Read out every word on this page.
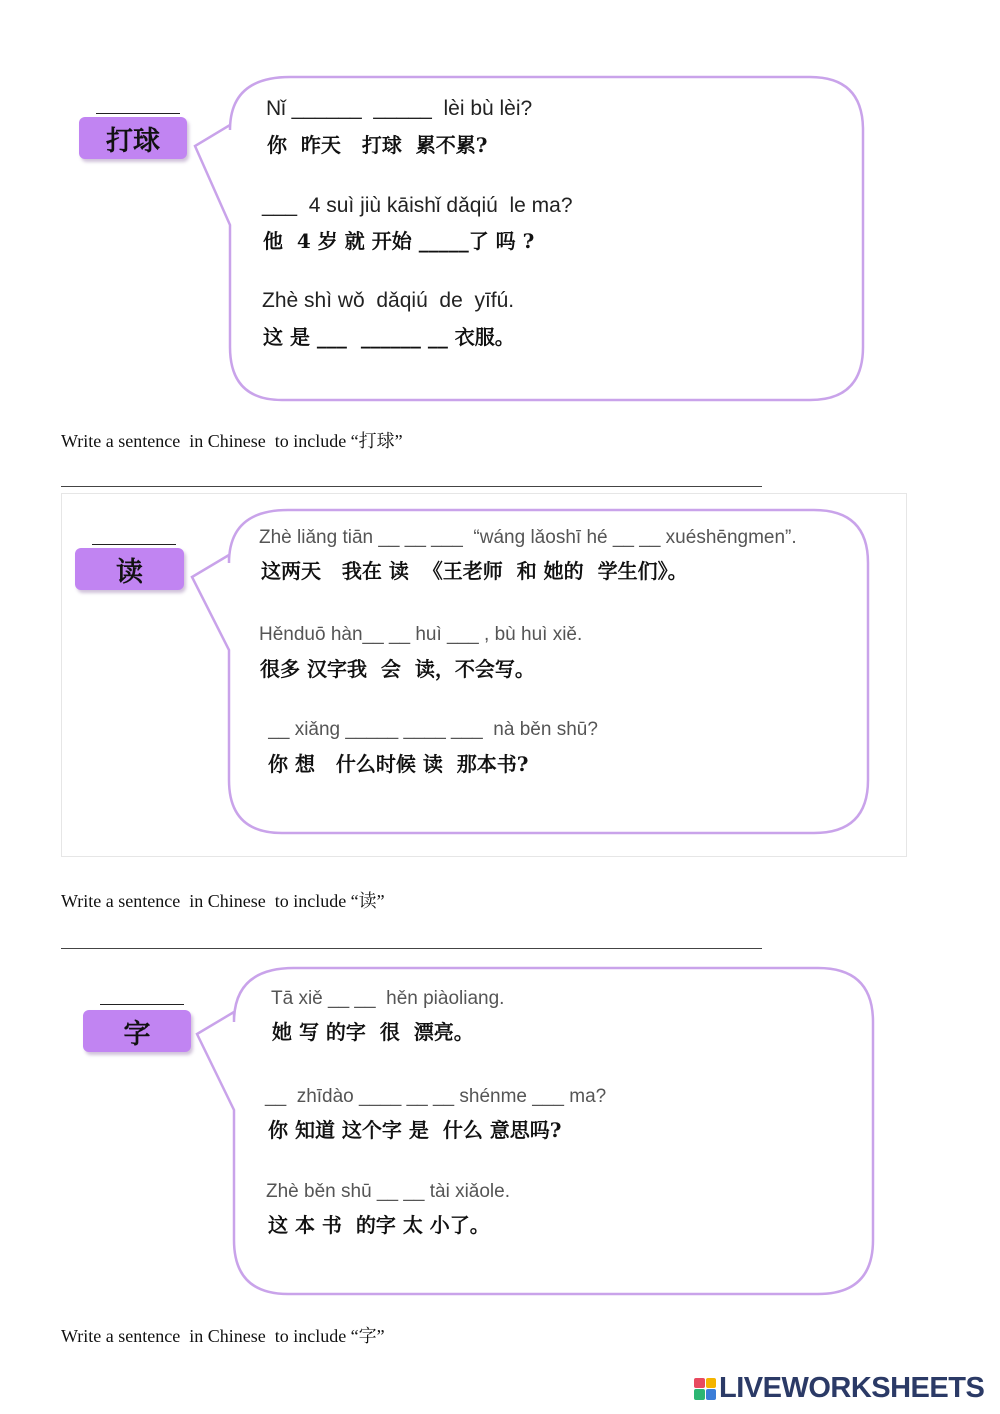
打球
Nǐ ______  _____  lèi bù lèi?
你  昨天   打球  累不累?
___  4 suì jiù kāishǐ dǎqiú  le ma?
他  4 岁 就 开始 _____了 吗 ?
Zhè shì wǒ  dǎqiú  de  yīfú.
这 是 ___  ______ __ 衣服。
Write a sentence  in Chinese  to include “打球”
读
Zhè liǎng tiān __ __ ___  “wáng lǎoshī hé __ __ xuéshēngmen”.
这两天   我在 读  《王老师  和 她的  学生们》。
Hěnduō hàn__ __ huì ___ , bù huì xiě.
很多 汉字我  会  读，不会写。
__ xiǎng _____ ____ ___  nà běn shū?
你 想   什么时候 读  那本书?
Write a sentence  in Chinese  to include “读”
字
Tā xiě __ __  hěn piàoliang.
她 写 的字  很  漂亮。
__  zhīdào ____ __ __ shénme ___ ma?
你 知道 这个字 是  什么 意思吗?
Zhè běn shū __ __ tài xiǎole.
这 本 书  的字 太 小了。
Write a sentence  in Chinese  to include “字”
LIVEWORKSHEETS
